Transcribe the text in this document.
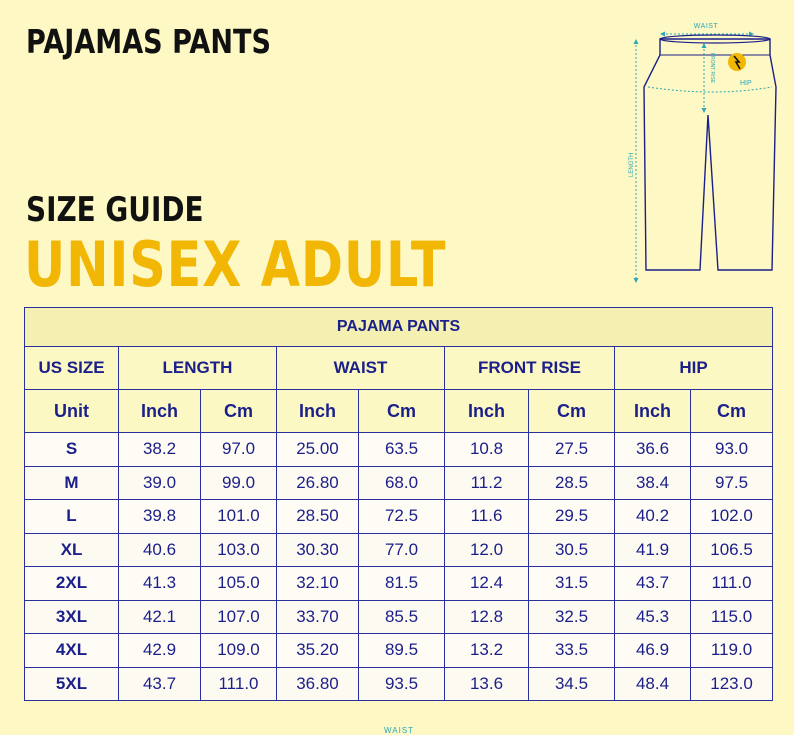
PAJAMAS PANTS	WAIST
FRONT RISE
HIP
LENGTH
SIZE GUIDE
UNISEX ADULT
PAJAMA PANTS								
US SIZE	LENGTH		WAIST		FRONT RISE		HIP	
Unit	Inch	Cm	Inch	Cm	Inch	Cm	Inch	Cm
S	38.2	97.0	25.00	63.5	10.8	27.5	36.6	93.0
M	39.0	99.0	26.80	68.0	11.2	28.5	38.4	97.5
L	39.8	101.0	28.50	72.5	11.6	29.5	40.2	102.0
XL	40.6	103.0	30.30	77.0	12.0	30.5	41.9	106.5
2XL	41.3	105.0	32.10	81.5	12.4	31.5	43.7	111.0
3XL	42.1	107.0	33.70	85.5	12.8	32.5	45.3	115.0
4XL	42.9	109.0	35.20	89.5	13.2	33.5	46.9	119.0
5XL	43.7	111.0	36.80	93.5	13.6	34.5	48.4	123.0
WAIST
